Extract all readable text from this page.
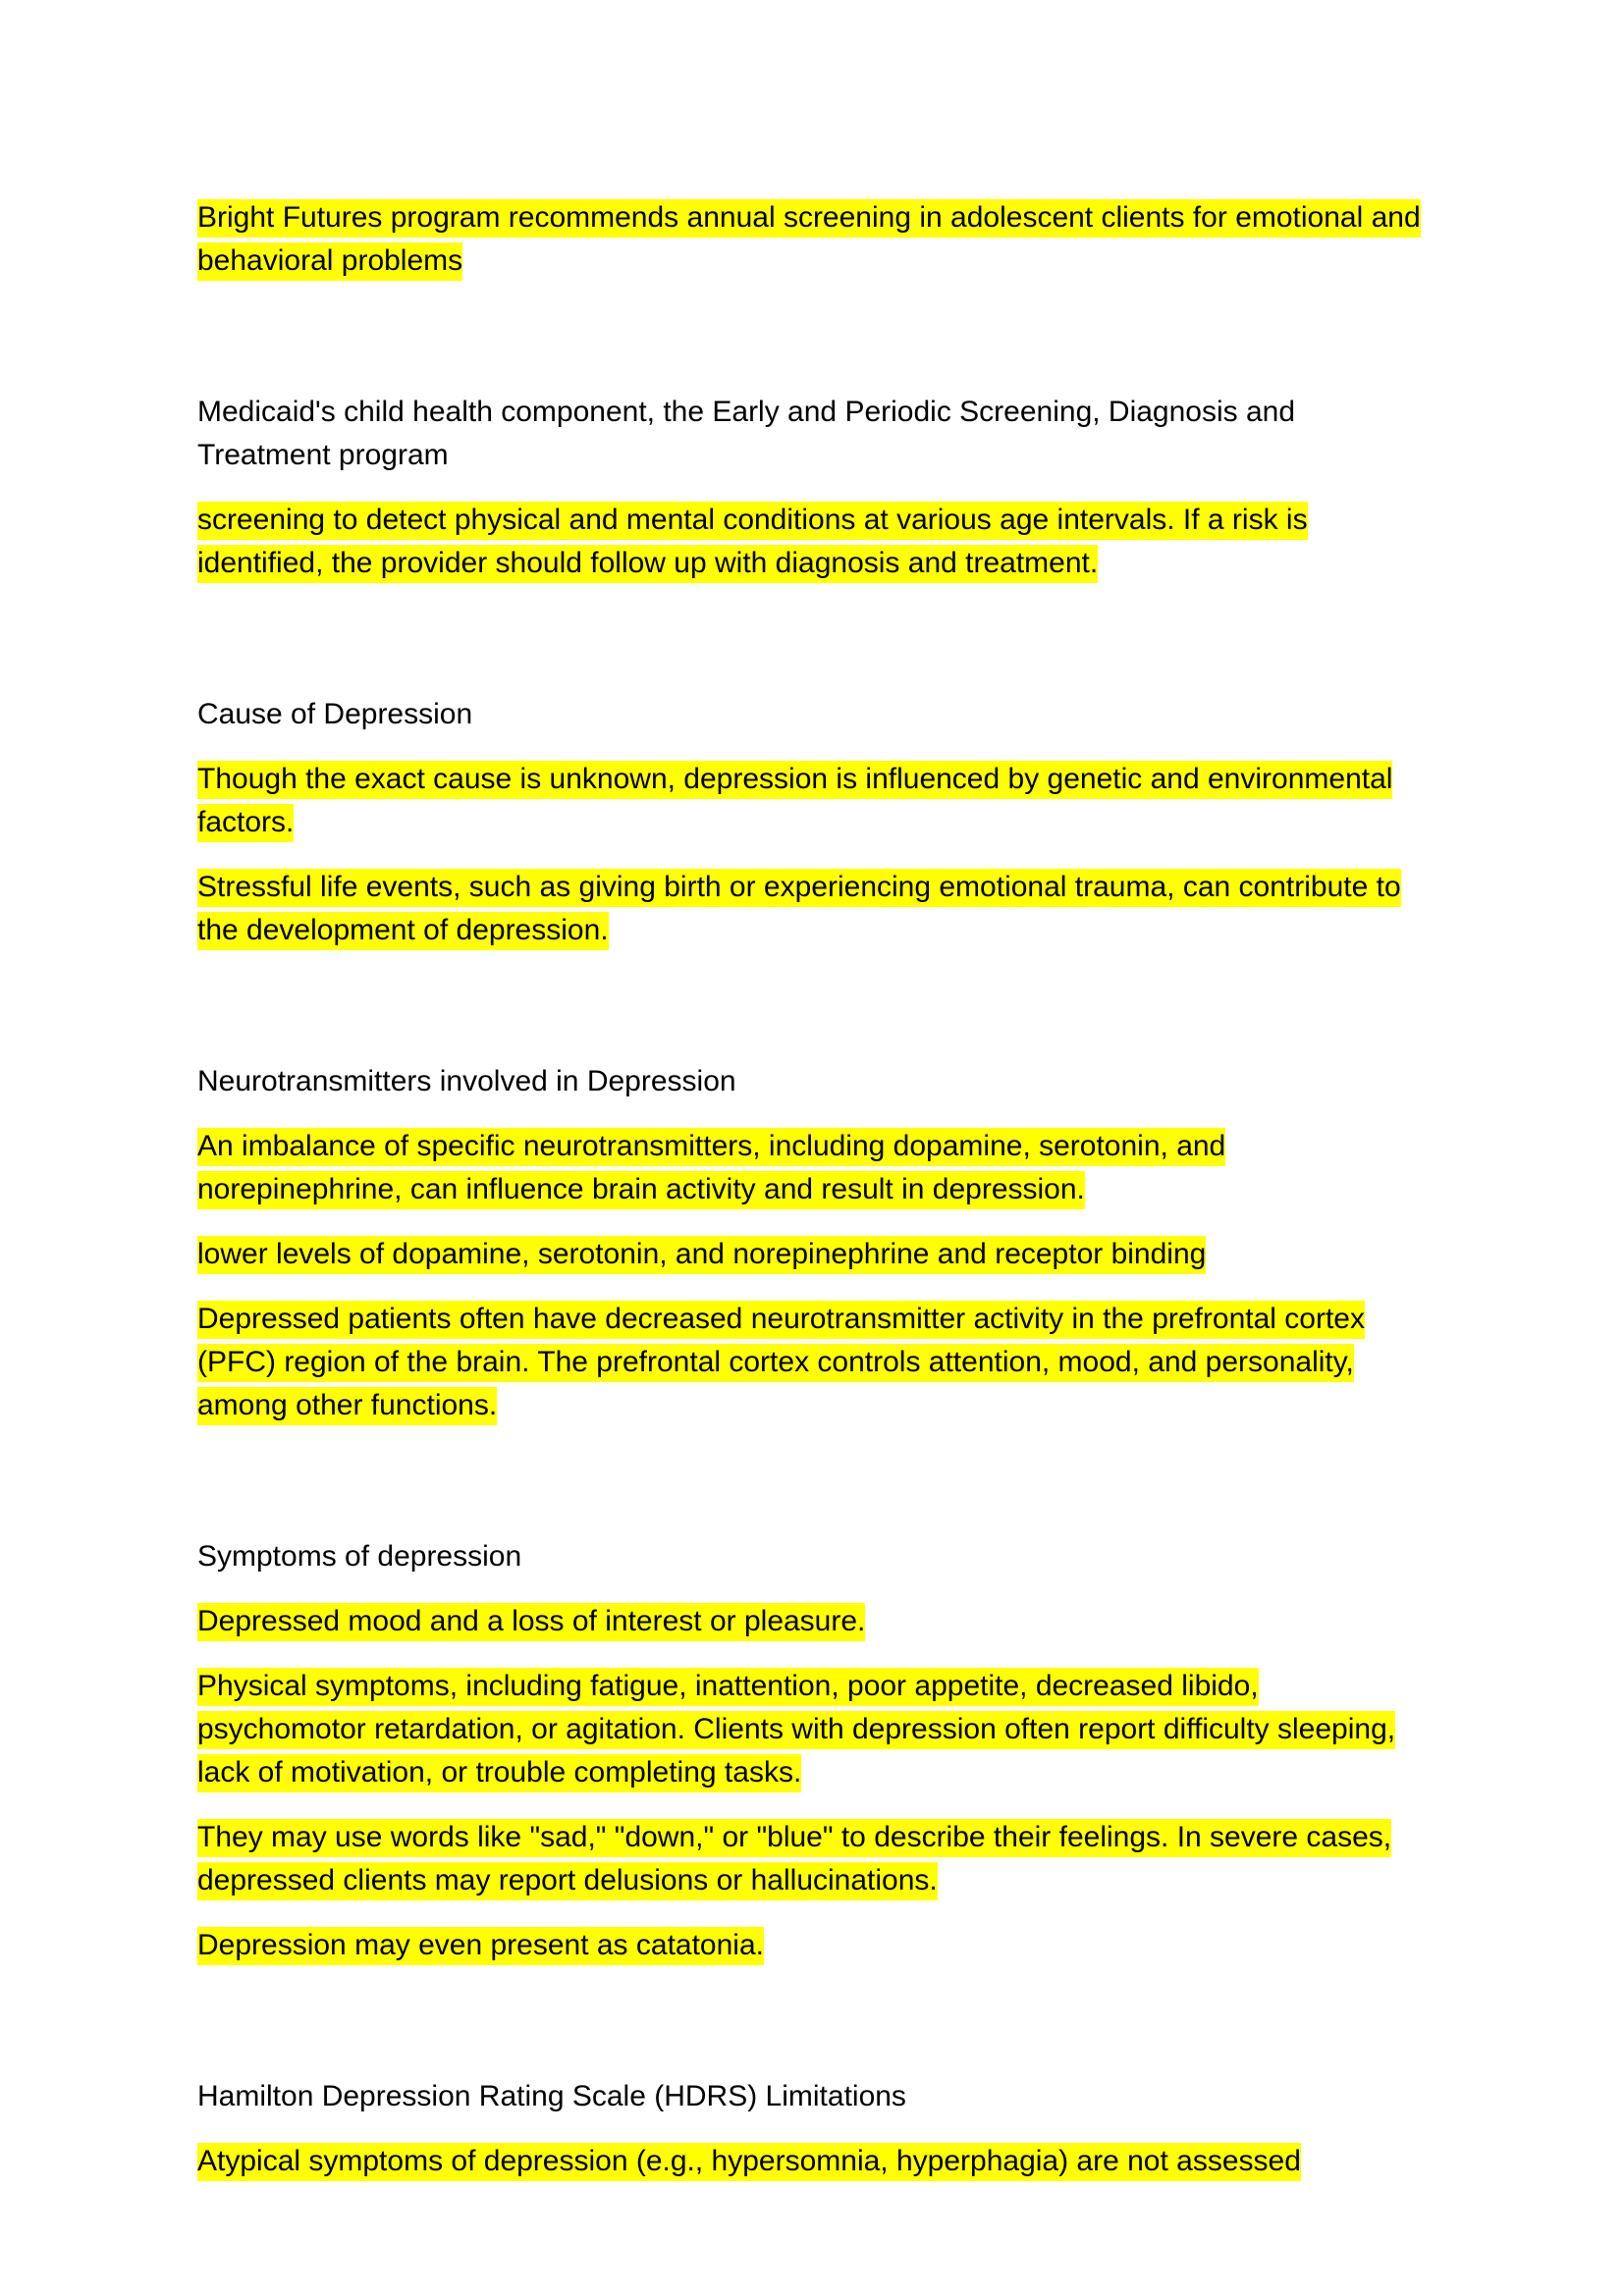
Bright Futures program recommends annual screening in adolescent clients for emotional and behavioral problems

Medicaid's child health component, the Early and Periodic Screening, Diagnosis and Treatment program

screening to detect physical and mental conditions at various age intervals. If a risk is identified, the provider should follow up with diagnosis and treatment.

Cause of Depression

Though the exact cause is unknown, depression is influenced by genetic and environmental factors.

Stressful life events, such as giving birth or experiencing emotional trauma, can contribute to the development of depression.

Neurotransmitters involved in Depression

An imbalance of specific neurotransmitters, including dopamine, serotonin, and norepinephrine, can influence brain activity and result in depression.

lower levels of dopamine, serotonin, and norepinephrine and receptor binding

Depressed patients often have decreased neurotransmitter activity in the prefrontal cortex (PFC) region of the brain. The prefrontal cortex controls attention, mood, and personality, among other functions.

Symptoms of depression

Depressed mood and a loss of interest or pleasure.

Physical symptoms, including fatigue, inattention, poor appetite, decreased libido, psychomotor retardation, or agitation. Clients with depression often report difficulty sleeping, lack of motivation, or trouble completing tasks.

They may use words like "sad," "down," or "blue" to describe their feelings. In severe cases, depressed clients may report delusions or hallucinations.

Depression may even present as catatonia.

Hamilton Depression Rating Scale (HDRS) Limitations

Atypical symptoms of depression (e.g., hypersomnia, hyperphagia) are not assessed
